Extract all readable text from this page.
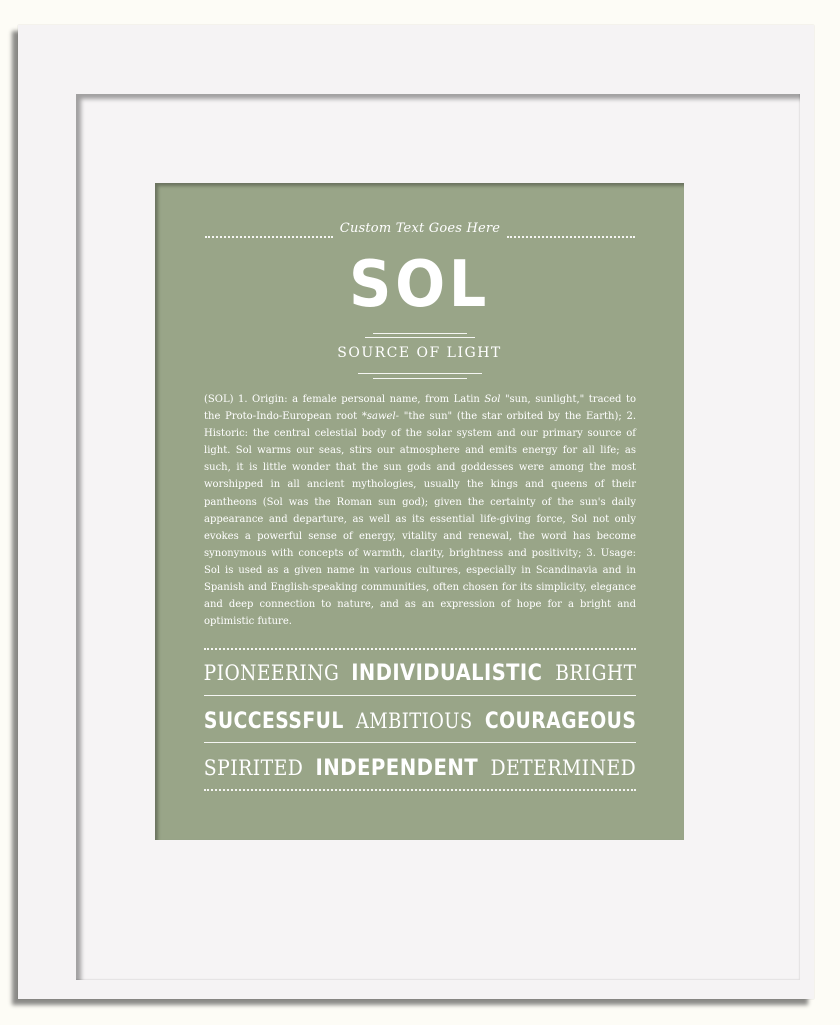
Custom Text Goes Here
SOL
SOURCE OF LIGHT
(SOL) 1. Origin: a female personal name, from Latin Sol "sun, sunlight," traced to the Proto-Indo-European root *sawel- "the sun" (the star orbited by the Earth); 2. Historic: the central celestial body of the solar system and our primary source of light. Sol warms our seas, stirs our atmosphere and emits energy for all life; as such, it is little wonder that the sun gods and goddesses were among the most worshipped in all ancient mythologies, usually the kings and queens of their pantheons (Sol was the Roman sun god); given the certainty of the sun's daily appearance and departure, as well as its essential life-giving force, Sol not only evokes a powerful sense of energy, vitality and renewal, the word has become synonymous with concepts of warmth, clarity, brightness and positivity; 3. Usage: Sol is used as a given name in various cultures, especially in Scandinavia and in Spanish and English-speaking communities, often chosen for its simplicity, elegance and deep connection to nature, and as an expression of hope for a bright and optimistic future.
PIONEERING INDIVIDUALISTIC BRIGHT
SUCCESSFUL AMBITIOUS COURAGEOUS
SPIRITED INDEPENDENT DETERMINED
